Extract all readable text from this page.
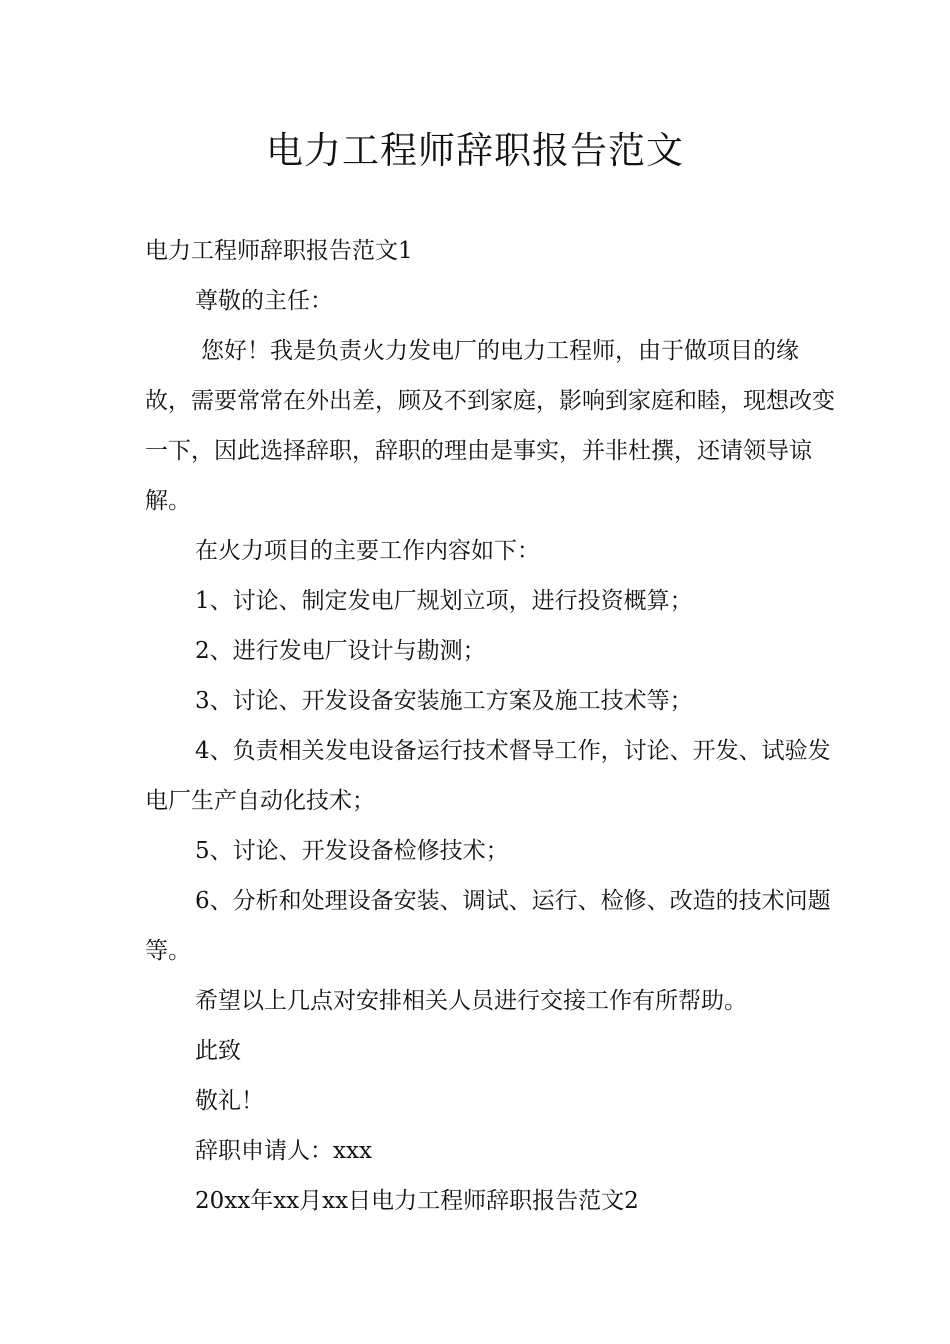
电力工程师辞职报告范文

电力工程师辞职报告范文1

尊敬的主任：

您好！我是负责火力发电厂的电力工程师，由于做项目的缘故，需要常常在外出差，顾及不到家庭，影响到家庭和睦，现想改变一下，因此选择辞职，辞职的理由是事实，并非杜撰，还请领导谅解。

在火力项目的主要工作内容如下：

1、讨论、制定发电厂规划立项，进行投资概算；

2、进行发电厂设计与勘测；

3、讨论、开发设备安装施工方案及施工技术等；

4、负责相关发电设备运行技术督导工作，讨论、开发、试验发电厂生产自动化技术；

5、讨论、开发设备检修技术；

6、分析和处理设备安装、调试、运行、检修、改造的技术问题等。

希望以上几点对安排相关人员进行交接工作有所帮助。

此致

敬礼！

辞职申请人：xxx

20xx年xx月xx日电力工程师辞职报告范文2
